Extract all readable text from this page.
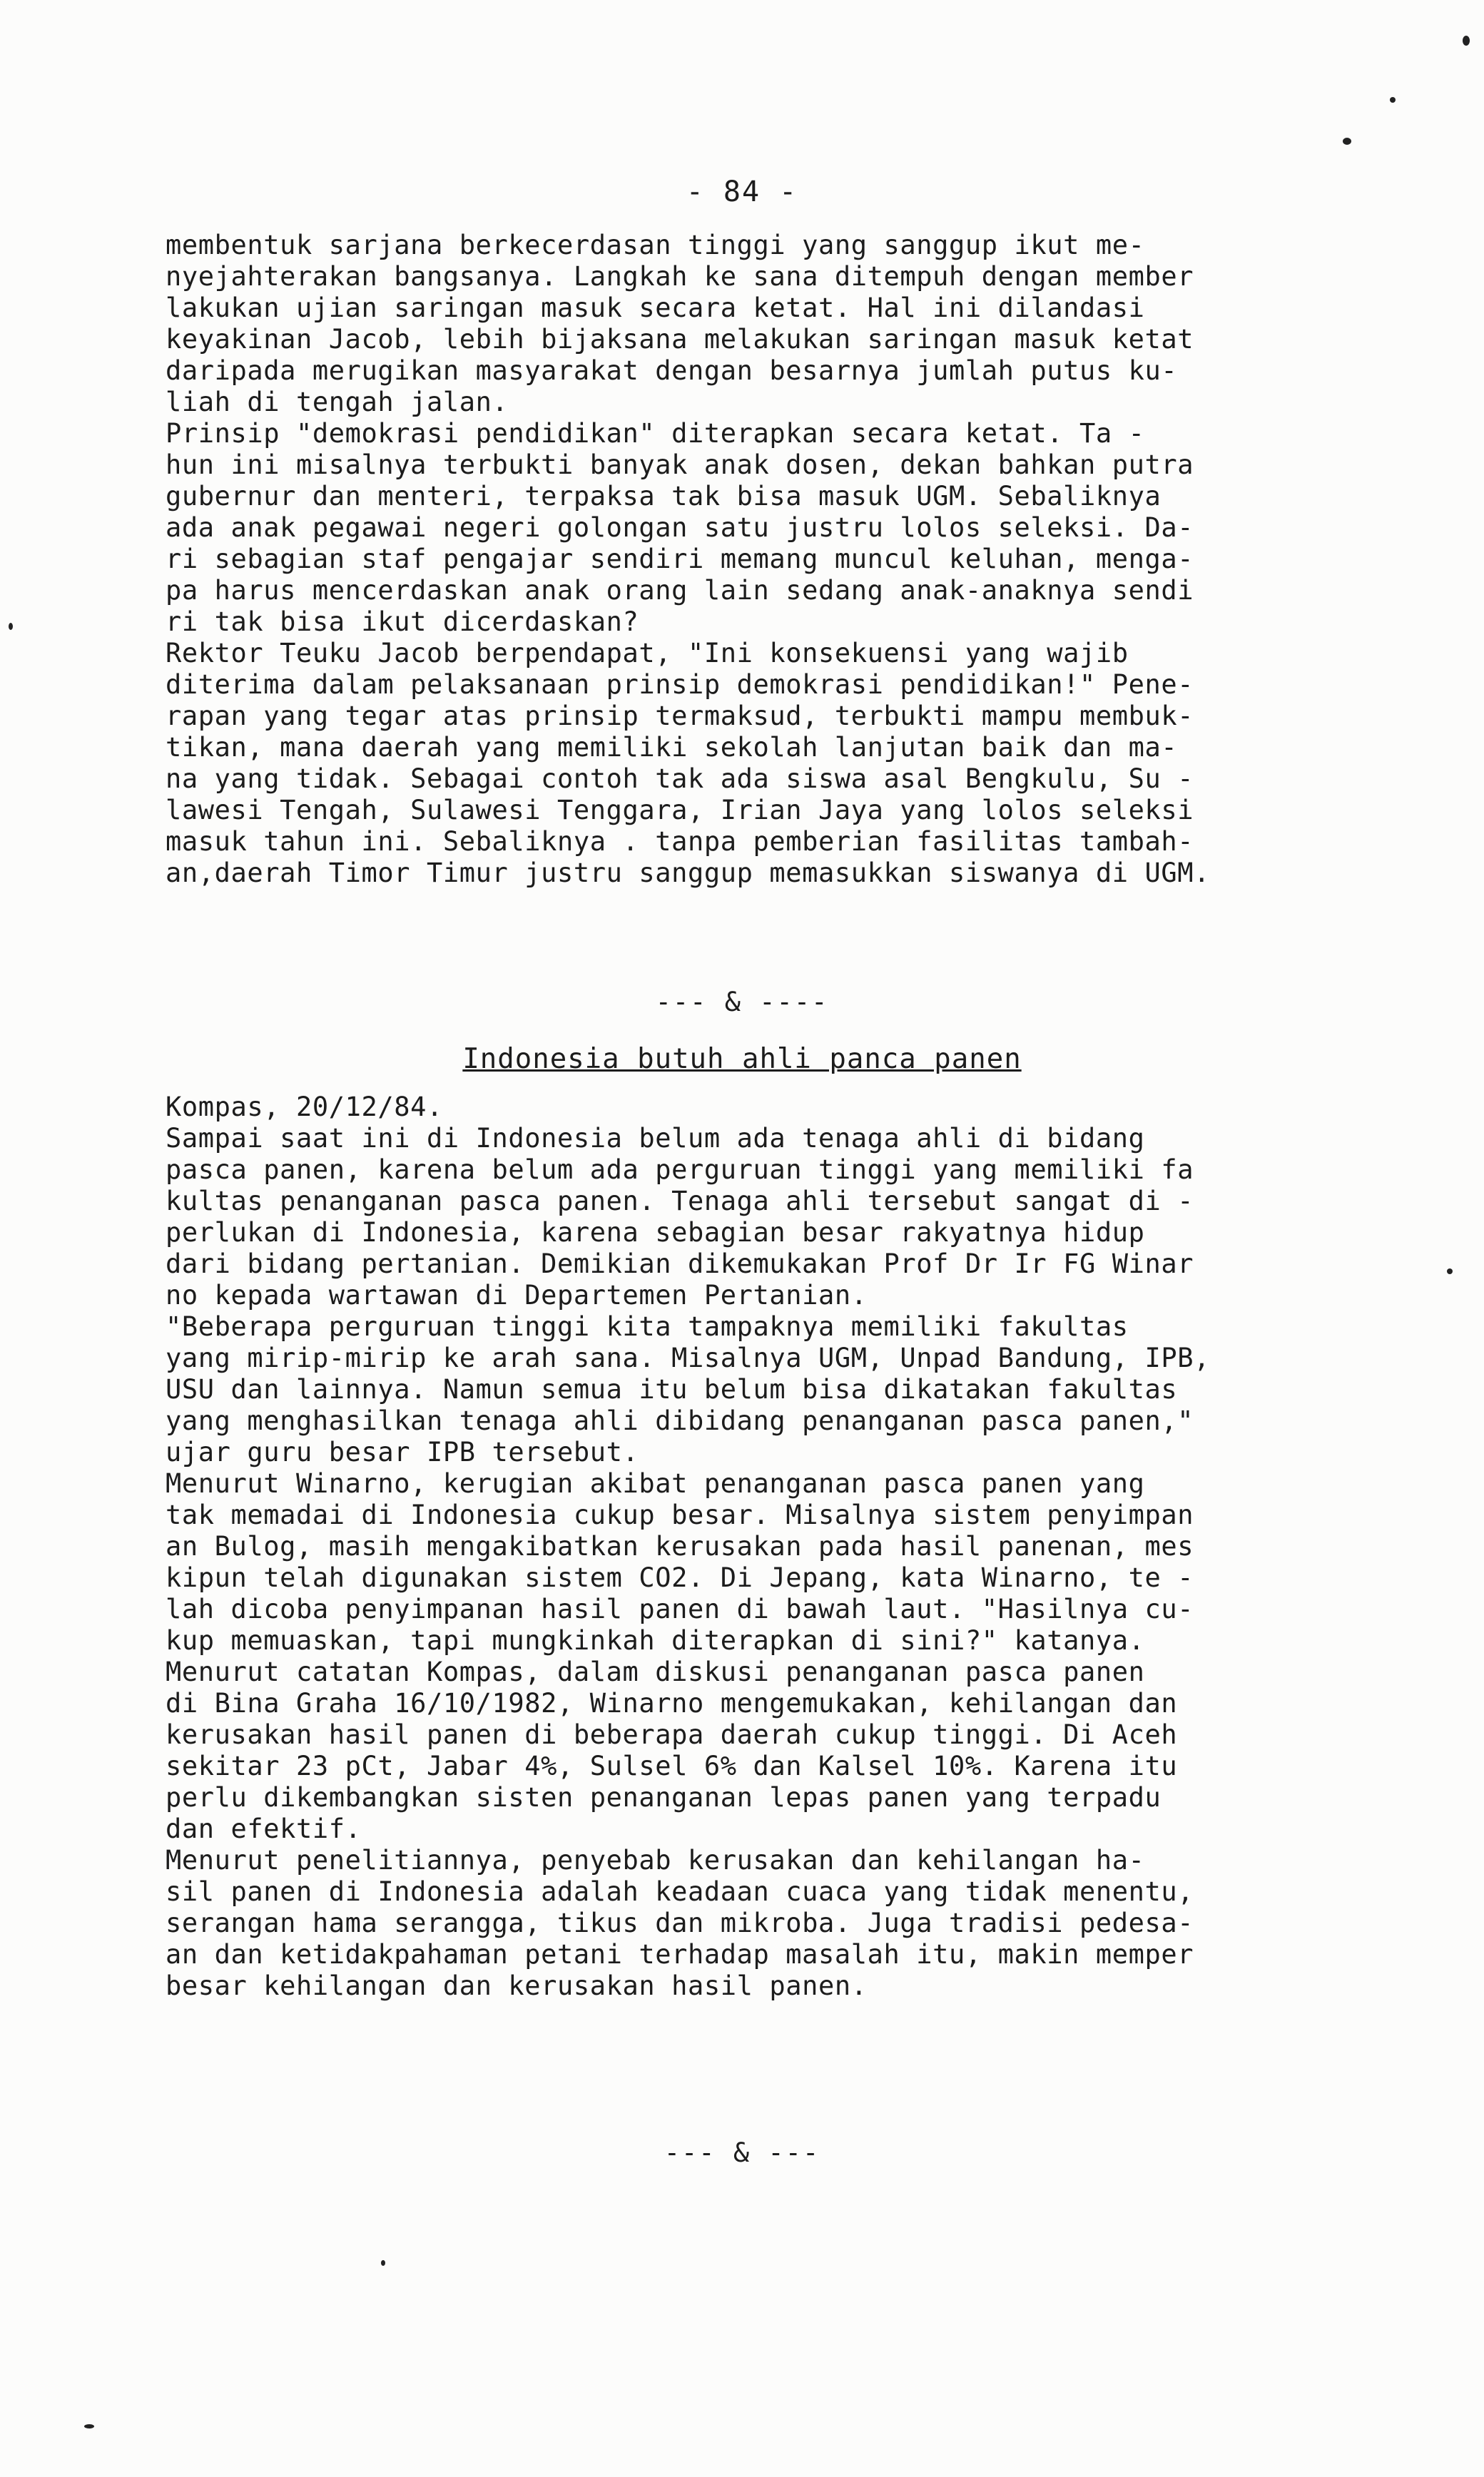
- 84 -
membentuk sarjana berkecerdasan tinggi yang sanggup ikut me-
nyejahterakan bangsanya. Langkah ke sana ditempuh dengan member
lakukan ujian saringan masuk secara ketat. Hal ini dilandasi
keyakinan Jacob, lebih bijaksana melakukan saringan masuk ketat
daripada merugikan masyarakat dengan besarnya jumlah putus ku-
liah di tengah jalan.
Prinsip "demokrasi pendidikan" diterapkan secara ketat. Ta -
hun ini misalnya terbukti banyak anak dosen, dekan bahkan putra
gubernur dan menteri, terpaksa tak bisa masuk UGM. Sebaliknya
ada anak pegawai negeri golongan satu justru lolos seleksi. Da-
ri sebagian staf pengajar sendiri memang muncul keluhan, menga-
pa harus mencerdaskan anak orang lain sedang anak-anaknya sendi
ri tak bisa ikut dicerdaskan?
Rektor Teuku Jacob berpendapat, "Ini konsekuensi yang wajib
diterima dalam pelaksanaan prinsip demokrasi pendidikan!" Pene-
rapan yang tegar atas prinsip termaksud, terbukti mampu membuk-
tikan, mana daerah yang memiliki sekolah lanjutan baik dan ma-
na yang tidak. Sebagai contoh tak ada siswa asal Bengkulu, Su -
lawesi Tengah, Sulawesi Tenggara, Irian Jaya yang lolos seleksi
masuk tahun ini. Sebaliknya . tanpa pemberian fasilitas tambah-
an,daerah Timor Timur justru sanggup memasukkan siswanya di UGM.
--- & ----
Indonesia butuh ahli panca panen
Kompas, 20/12/84.
Sampai saat ini di Indonesia belum ada tenaga ahli di bidang
pasca panen, karena belum ada perguruan tinggi yang memiliki fa
kultas penanganan pasca panen. Tenaga ahli tersebut sangat di -
perlukan di Indonesia, karena sebagian besar rakyatnya hidup
dari bidang pertanian. Demikian dikemukakan Prof Dr Ir FG Winar
no kepada wartawan di Departemen Pertanian.
"Beberapa perguruan tinggi kita tampaknya memiliki fakultas
yang mirip-mirip ke arah sana. Misalnya UGM, Unpad Bandung, IPB,
USU dan lainnya. Namun semua itu belum bisa dikatakan fakultas
yang menghasilkan tenaga ahli dibidang penanganan pasca panen,"
ujar guru besar IPB tersebut.
Menurut Winarno, kerugian akibat penanganan pasca panen yang
tak memadai di Indonesia cukup besar. Misalnya sistem penyimpan
an Bulog, masih mengakibatkan kerusakan pada hasil panenan, mes
kipun telah digunakan sistem CO2. Di Jepang, kata Winarno, te -
lah dicoba penyimpanan hasil panen di bawah laut. "Hasilnya cu-
kup memuaskan, tapi mungkinkah diterapkan di sini?" katanya.
Menurut catatan Kompas, dalam diskusi penanganan pasca panen
di Bina Graha 16/10/1982, Winarno mengemukakan, kehilangan dan
kerusakan hasil panen di beberapa daerah cukup tinggi. Di Aceh
sekitar 23 pCt, Jabar 4%, Sulsel 6% dan Kalsel 10%. Karena itu
perlu dikembangkan sisten penanganan lepas panen yang terpadu
dan efektif.
Menurut penelitiannya, penyebab kerusakan dan kehilangan ha-
sil panen di Indonesia adalah keadaan cuaca yang tidak menentu,
serangan hama serangga, tikus dan mikroba. Juga tradisi pedesa-
an dan ketidakpahaman petani terhadap masalah itu, makin memper
besar kehilangan dan kerusakan hasil panen.
--- & ---
